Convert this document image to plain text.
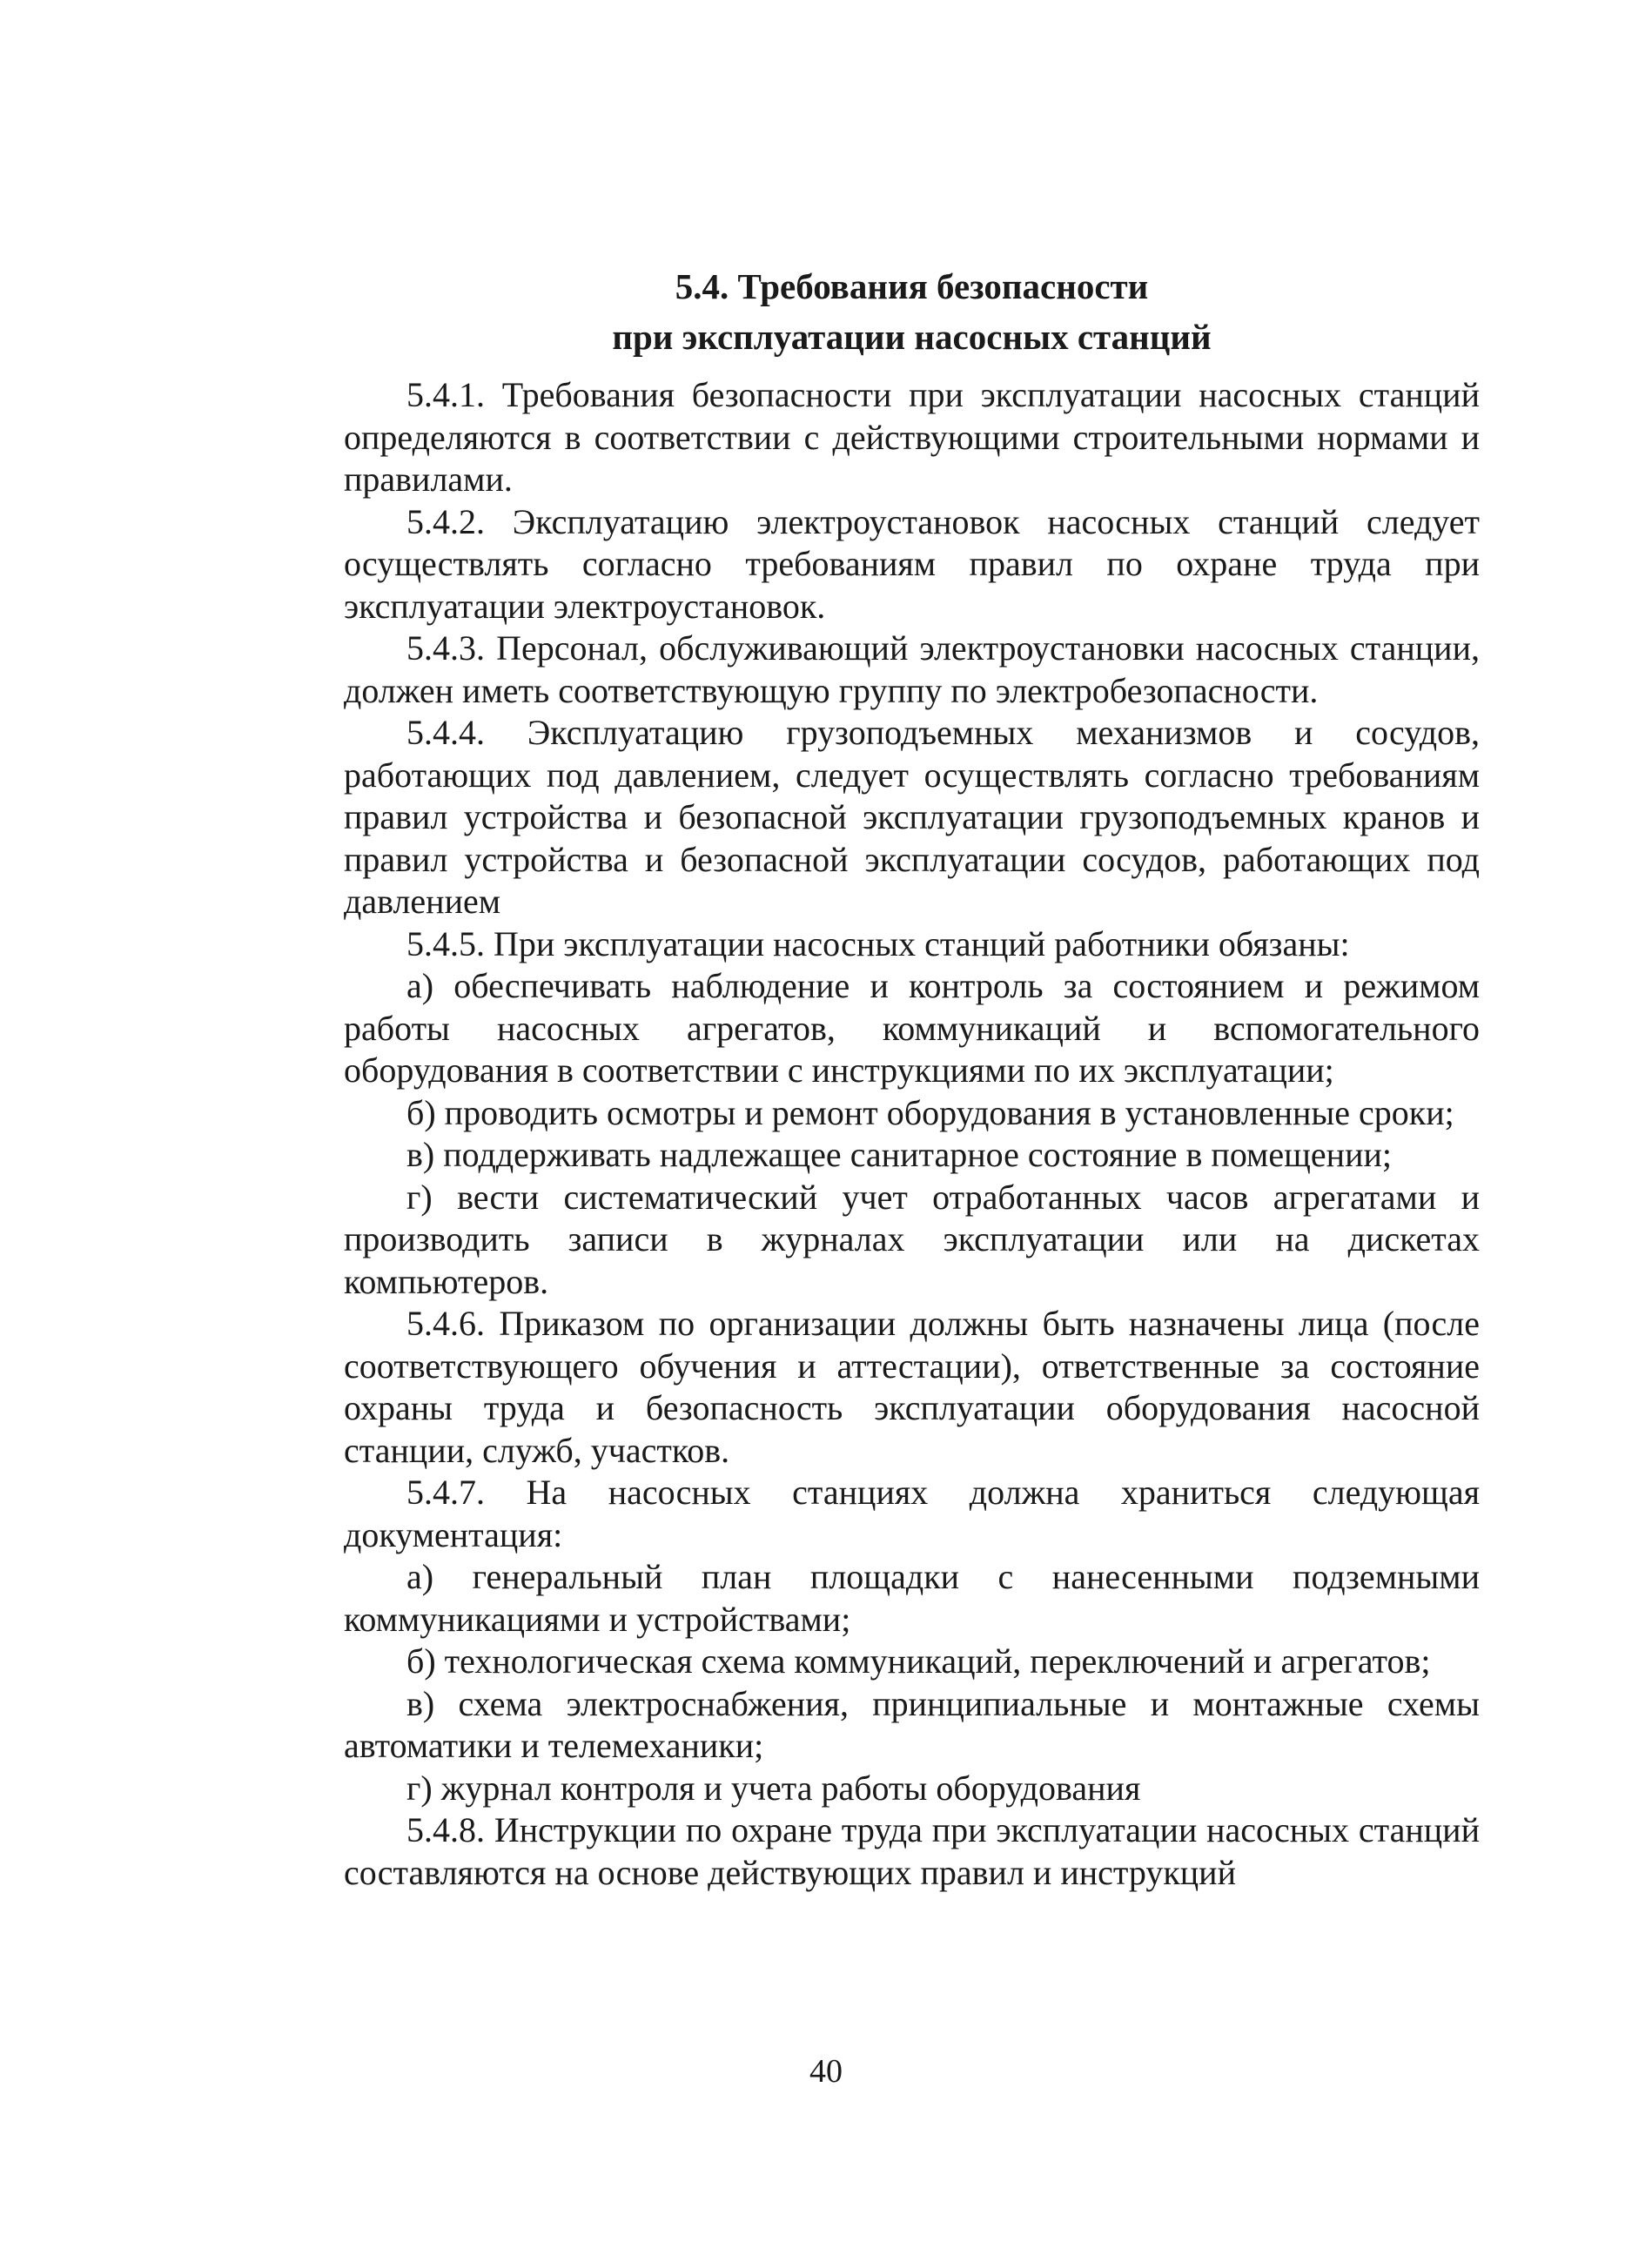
5.4. Требования безопасности
при эксплуатации насосных станций

5.4.1. Требования безопасности при эксплуатации насосных станций определяются в соответствии с действующими строительными нормами и правилами.

5.4.2. Эксплуатацию электроустановок насосных станций следует осуществлять согласно требованиям правил по охране труда при эксплуатации электроустановок.

5.4.3. Персонал, обслуживающий электроустановки насосных станции, должен иметь соответствующую группу по электробезопасности.

5.4.4. Эксплуатацию грузоподъемных механизмов и сосудов, работающих под давлением, следует осуществлять согласно требованиям правил устройства и безопасной эксплуатации грузоподъемных кранов и правил устройства и безопасной эксплуатации сосудов, работающих под давлением

5.4.5. При эксплуатации насосных станций работники обязаны:

а) обеспечивать наблюдение и контроль за состоянием и режимом работы насосных агрегатов, коммуникаций и вспомогательного оборудования в соответствии с инструкциями по их эксплуатации;

б) проводить осмотры и ремонт оборудования в установленные сроки;

в) поддерживать надлежащее санитарное состояние в помещении;

г) вести систематический учет отработанных часов агрегатами и производить записи в журналах эксплуатации или на дискетах компьютеров.

5.4.6. Приказом по организации должны быть назначены лица (после соответствующего обучения и аттестации), ответственные за состояние охраны труда и безопасность эксплуатации оборудования насосной станции, служб, участков.

5.4.7. На насосных станциях должна храниться следующая документация:

а) генеральный план площадки с нанесенными подземными коммуникациями и устройствами;

б) технологическая схема коммуникаций, переключений и агрегатов;

в) схема электроснабжения, принципиальные и монтажные схемы автоматики и телемеханики;

г) журнал контроля и учета работы оборудования

5.4.8. Инструкции по охране труда при эксплуатации насосных станций составляются на основе действующих правил и инструкций

40
